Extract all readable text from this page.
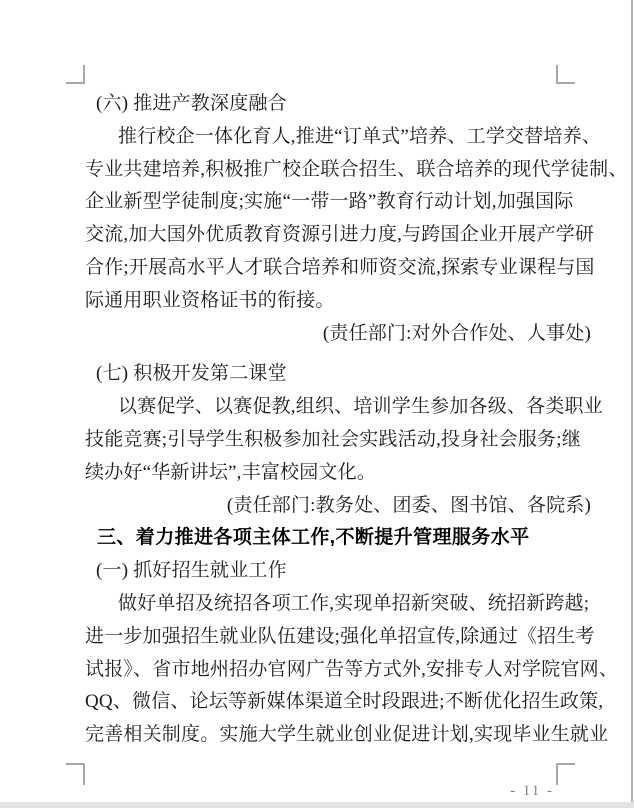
(六) 推进产教深度融合
推行校企一体化育人,推进“订单式”培养、工学交替培养、
专业共建培养,积极推广校企联合招生、联合培养的现代学徒制、
企业新型学徒制度;实施“一带一路”教育行动计划,加强国际
交流,加大国外优质教育资源引进力度,与跨国企业开展产学研
合作;开展高水平人才联合培养和师资交流,探索专业课程与国
际通用职业资格证书的衔接。
(责任部门:对外合作处、人事处)
(七) 积极开发第二课堂
以赛促学、以赛促教,组织、培训学生参加各级、各类职业
技能竞赛;引导学生积极参加社会实践活动,投身社会服务;继
续办好“华新讲坛”,丰富校园文化。
(责任部门:教务处、团委、图书馆、各院系)
三、着力推进各项主体工作,不断提升管理服务水平
(一) 抓好招生就业工作
做好单招及统招各项工作,实现单招新突破、统招新跨越;
进一步加强招生就业队伍建设;强化单招宣传,除通过《招生考
试报》、省市地州招办官网广告等方式外,安排专人对学院官网、
QQ、微信、论坛等新媒体渠道全时段跟进;不断优化招生政策,
完善相关制度。实施大学生就业创业促进计划,实现毕业生就业
- 11 -
